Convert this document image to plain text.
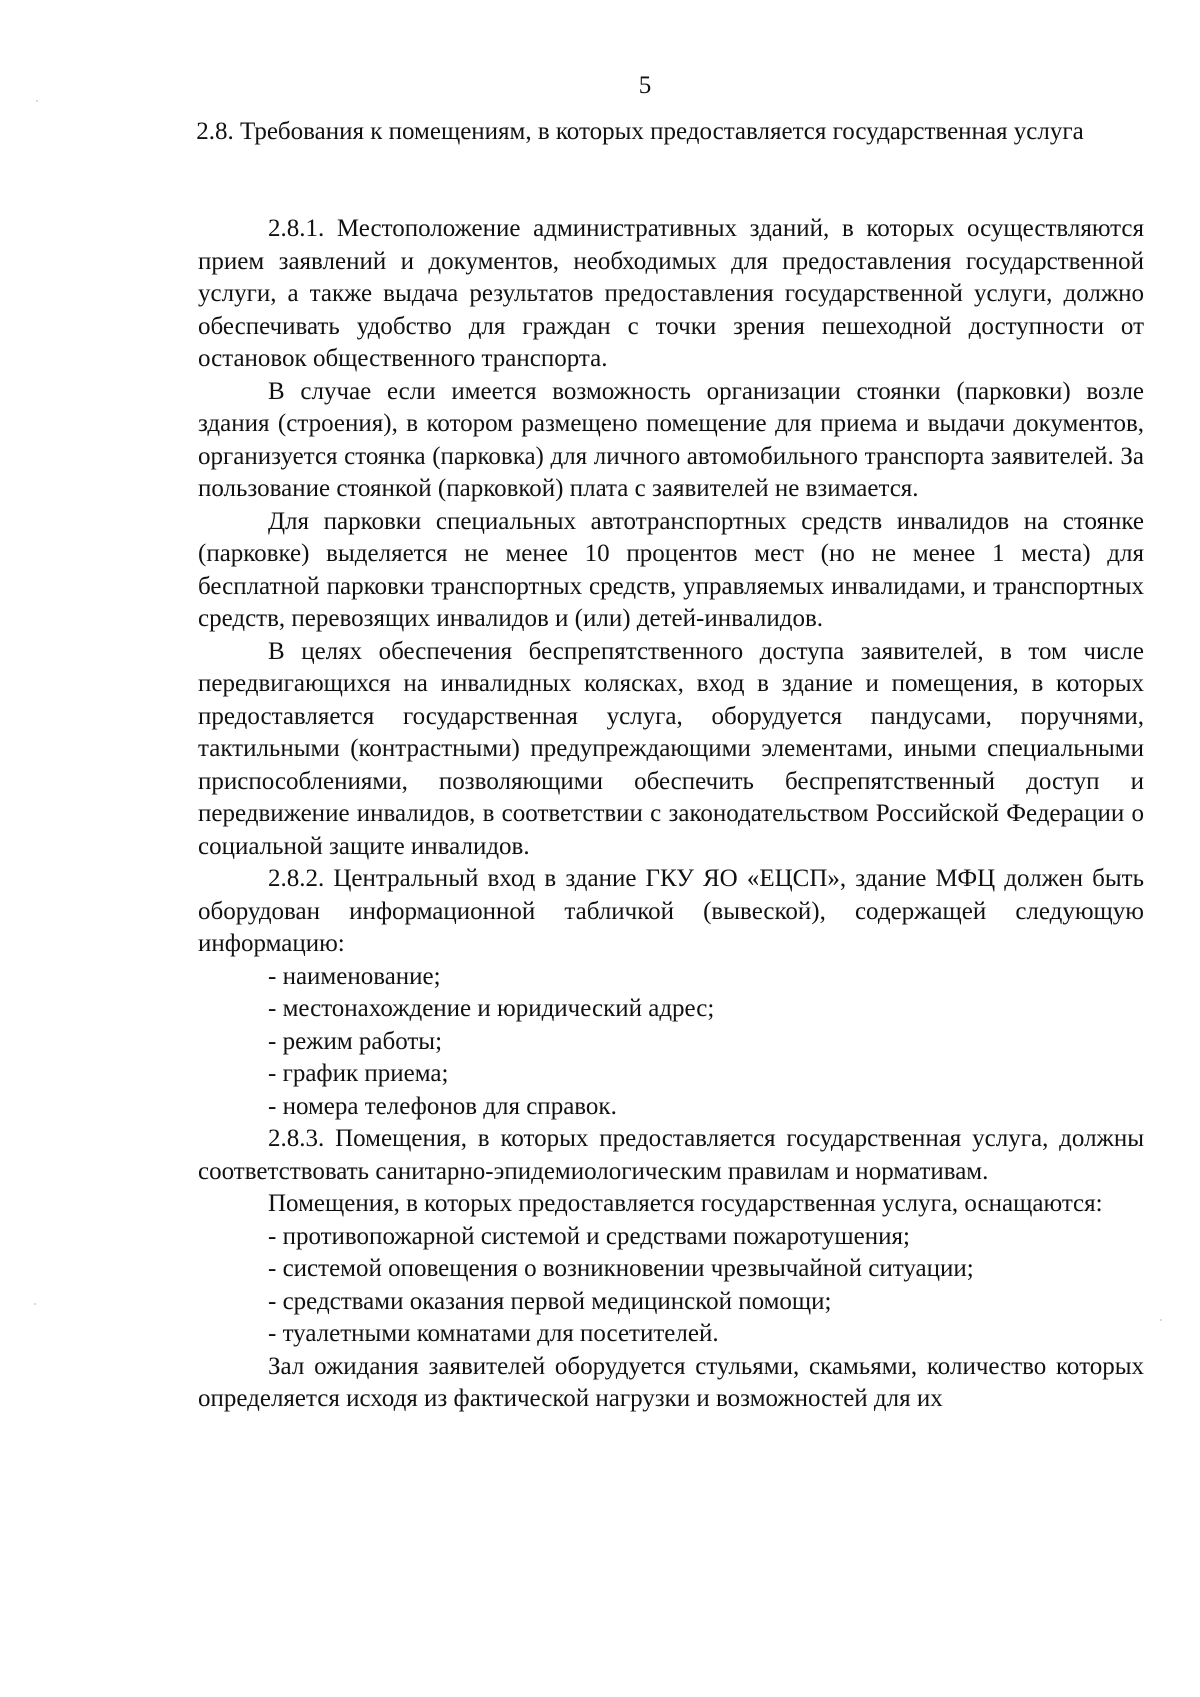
5
2.8. Требования к помещениям, в которых предоставляется государственная услуга

2.8.1. Местоположение административных зданий, в которых осуществляются прием заявлений и документов, необходимых для предоставления государственной услуги, а также выдача результатов предоставления государственной услуги, должно обеспечивать удобство для граждан с точки зрения пешеходной доступности от остановок общественного транспорта.

В случае если имеется возможность организации стоянки (парковки) возле здания (строения), в котором размещено помещение для приема и выдачи документов, организуется стоянка (парковка) для личного автомобильного транспорта заявителей. За пользование стоянкой (парковкой) плата с заявителей не взимается.

Для парковки специальных автотранспортных средств инвалидов на стоянке (парковке) выделяется не менее 10 процентов мест (но не менее 1 места) для бесплатной парковки транспортных средств, управляемых инвалидами, и транспортных средств, перевозящих инвалидов и (или) детей-инвалидов.

В целях обеспечения беспрепятственного доступа заявителей, в том числе передвигающихся на инвалидных колясках, вход в здание и помещения, в которых предоставляется государственная услуга, оборудуется пандусами, поручнями, тактильными (контрастными) предупреждающими элементами, иными специальными приспособлениями, позволяющими обеспечить беспрепятственный доступ и передвижение инвалидов, в соответствии с законодательством Российской Федерации о социальной защите инвалидов.

2.8.2. Центральный вход в здание ГКУ ЯО «ЕЦСП», здание МФЦ должен быть оборудован информационной табличкой (вывеской), содержащей следующую информацию:

- наименование;

- местонахождение и юридический адрес;

- режим работы;

- график приема;

- номера телефонов для справок.

2.8.3. Помещения, в которых предоставляется государственная услуга, должны соответствовать санитарно-эпидемиологическим правилам и нормативам.

Помещения, в которых предоставляется государственная услуга, оснащаются:

- противопожарной системой и средствами пожаротушения;

- системой оповещения о возникновении чрезвычайной ситуации;

- средствами оказания первой медицинской помощи;

- туалетными комнатами для посетителей.

Зал ожидания заявителей оборудуется стульями, скамьями, количество которых определяется исходя из фактической нагрузки и возможностей для их
